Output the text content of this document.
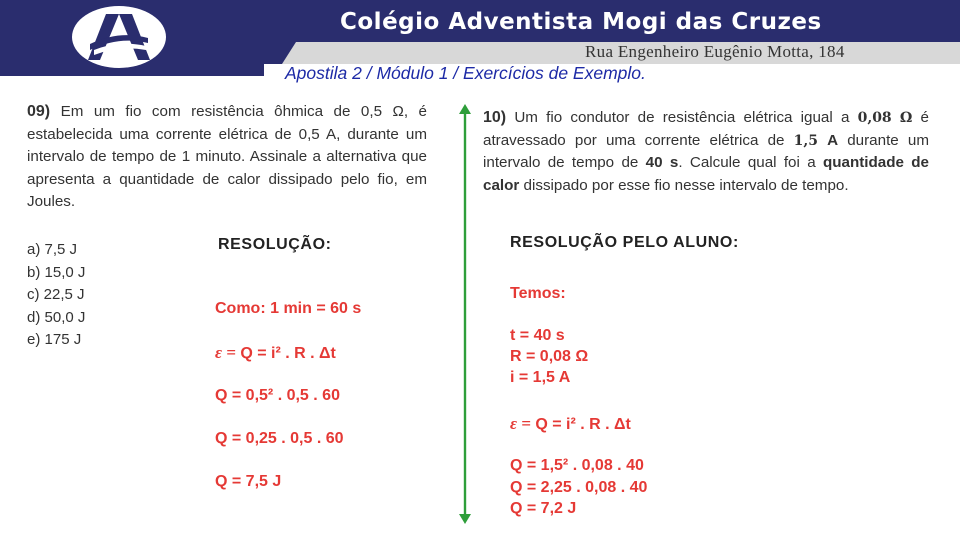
Colégio Adventista Mogi das Cruzes
Rua Engenheiro Eugênio Motta, 184
Apostila 2 / Módulo 1 / Exercícios de Exemplo.
09) Em um fio com resistência ôhmica de 0,5 Ω, é estabelecida uma corrente elétrica de 0,5 A, durante um intervalo de tempo de 1 minuto. Assinale a alternativa que apresenta a quantidade de calor dissipado pelo fio, em Joules.
a) 7,5 J
b) 15,0 J
c) 22,5 J
d) 50,0 J
e) 175 J
RESOLUÇÃO:
Como: 1 min = 60 s
ε = Q = i² . R . Δt
Q = 0,5² . 0,5 . 60
Q = 0,25 . 0,5 . 60
Q = 7,5 J
10) Um fio condutor de resistência elétrica igual a 0,08 Ω é atravessado por uma corrente elétrica de 1,5 A durante um intervalo de tempo de 40 s. Calcule qual foi a quantidade de calor dissipado por esse fio nesse intervalo de tempo.
RESOLUÇÃO PELO ALUNO:
Temos:
t = 40 s
R = 0,08 Ω
i = 1,5 A
ε = Q = i² . R . Δt
Q = 1,5² . 0,08 . 40
Q = 2,25 . 0,08 . 40
Q = 7,2 J
